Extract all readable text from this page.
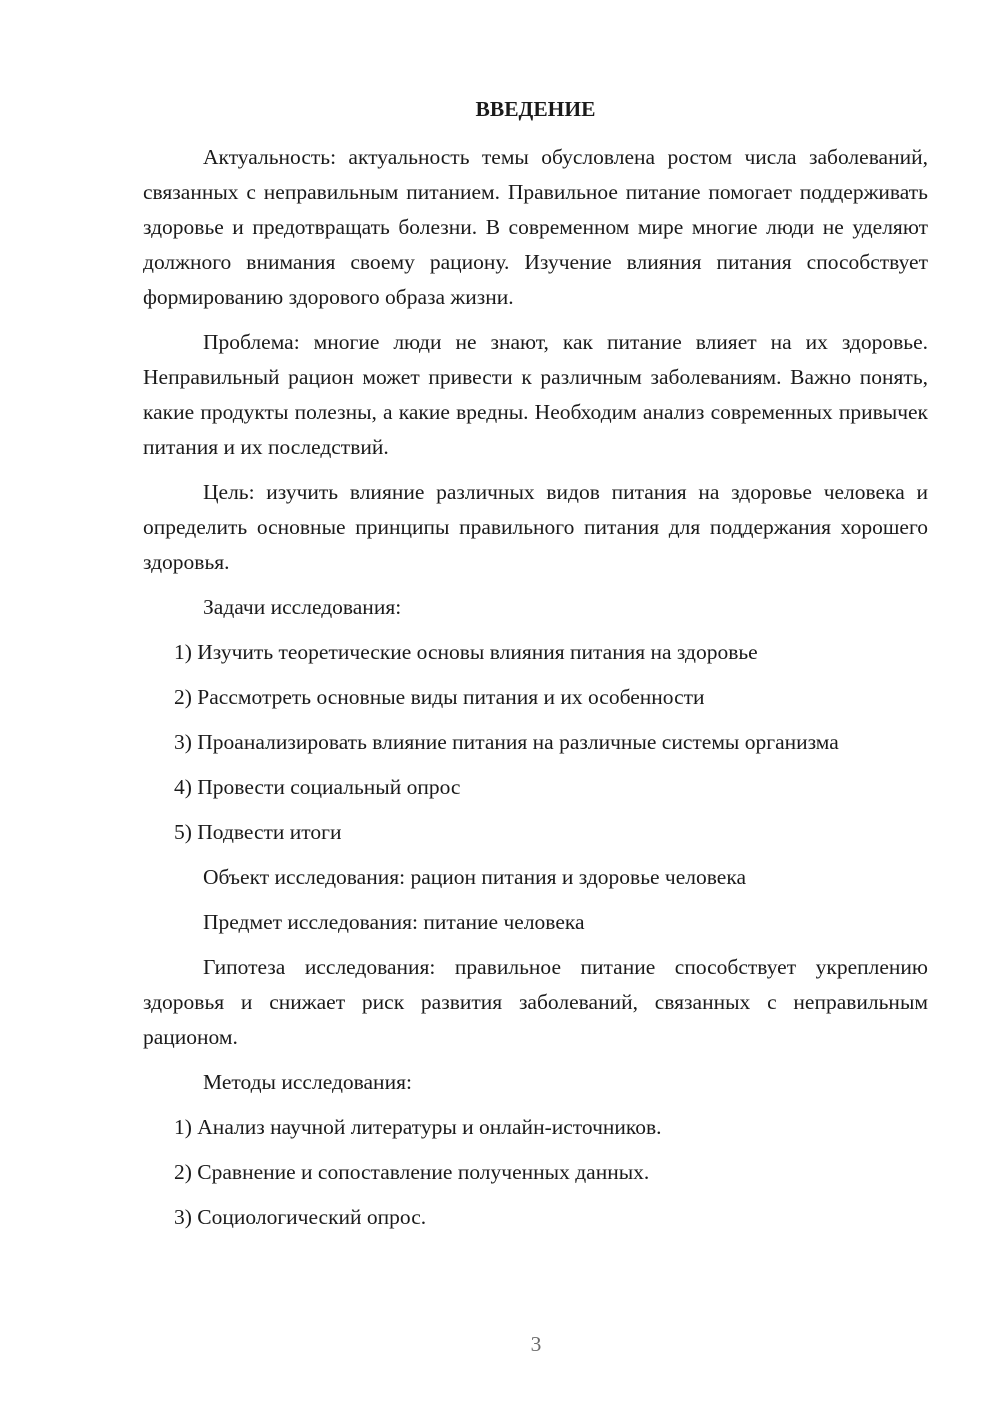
ВВЕДЕНИЕ

Актуальность: актуальность темы обусловлена ростом числа заболеваний, связанных с неправильным питанием. Правильное питание помогает поддерживать здоровье и предотвращать болезни. В современном мире многие люди не уделяют должного внимания своему рациону. Изучение влияния питания способствует формированию здорового образа жизни.

Проблема: многие люди не знают, как питание влияет на их здоровье. Неправильный рацион может привести к различным заболеваниям. Важно понять, какие продукты полезны, а какие вредны. Необходим анализ современных привычек питания и их последствий.

Цель: изучить влияние различных видов питания на здоровье человека и определить основные принципы правильного питания для поддержания хорошего здоровья.

Задачи исследования:

1) Изучить теоретические основы влияния питания на здоровье

2) Рассмотреть основные виды питания и их особенности

3) Проанализировать влияние питания на различные системы организма

4) Провести социальный опрос

5) Подвести итоги

Объект исследования: рацион питания и здоровье человека

Предмет исследования: питание человека

Гипотеза исследования: правильное питание способствует укреплению здоровья и снижает риск развития заболеваний, связанных с неправильным рационом.

Методы исследования:

1) Анализ научной литературы и онлайн-источников.

2) Сравнение и сопоставление полученных данных.

3) Социологический опрос.

3
